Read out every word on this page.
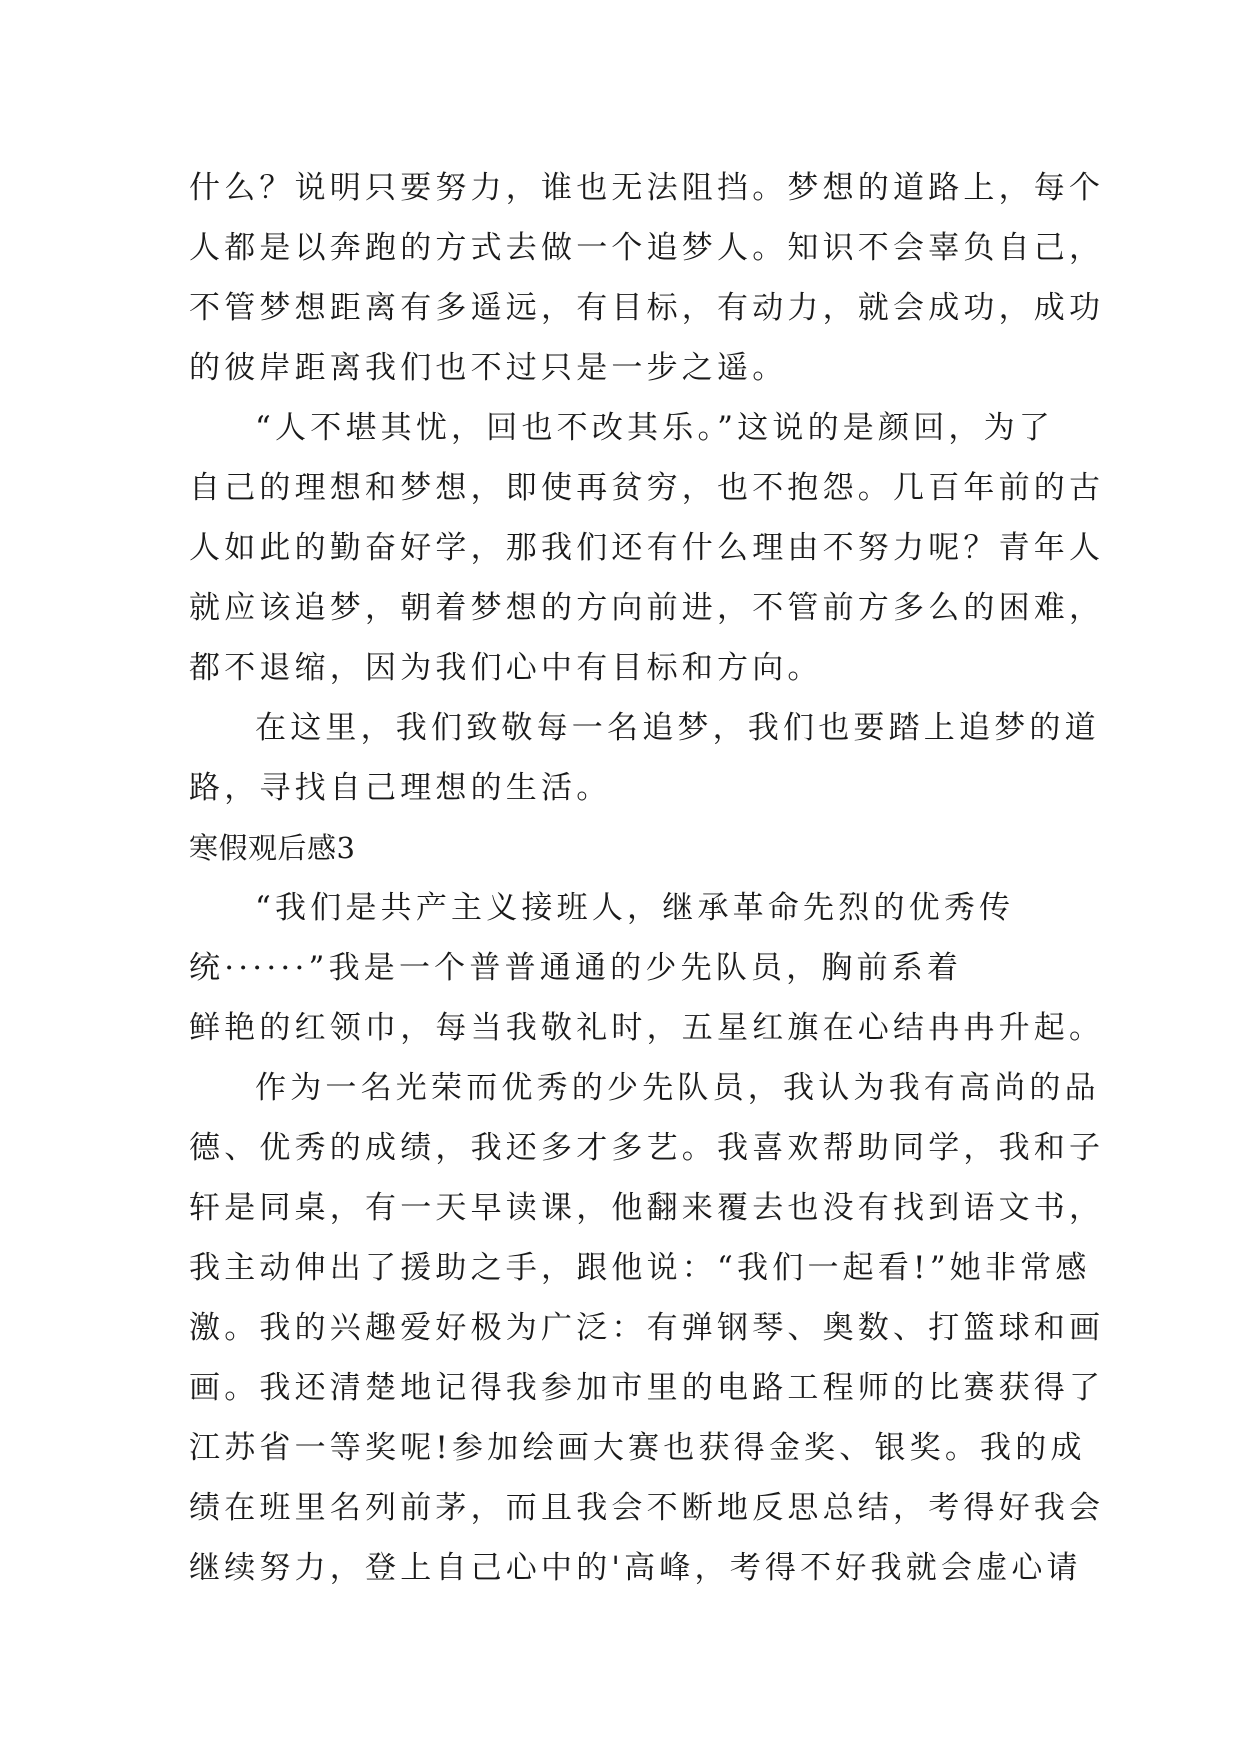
什么？说明只要努力，谁也无法阻挡。梦想的道路上，每个
人都是以奔跑的方式去做一个追梦人。知识不会辜负自己，
不管梦想距离有多遥远，有目标，有动力，就会成功，成功
的彼岸距离我们也不过只是一步之遥。
“人不堪其忧，回也不改其乐。”这说的是颜回，为了
自己的理想和梦想，即使再贫穷，也不抱怨。几百年前的古
人如此的勤奋好学，那我们还有什么理由不努力呢？青年人
就应该追梦，朝着梦想的方向前进，不管前方多么的困难，
都不退缩，因为我们心中有目标和方向。
在这里，我们致敬每一名追梦，我们也要踏上追梦的道
路，寻找自己理想的生活。
寒假观后感3
“我们是共产主义接班人，继承革命先烈的优秀传
统······”我是一个普普通通的少先队员，胸前系着
鲜艳的红领巾，每当我敬礼时，五星红旗在心结冉冉升起。
作为一名光荣而优秀的少先队员，我认为我有高尚的品
德、优秀的成绩，我还多才多艺。我喜欢帮助同学，我和子
轩是同桌，有一天早读课，他翻来覆去也没有找到语文书，
我主动伸出了援助之手，跟他说：“我们一起看!”她非常感
激。我的兴趣爱好极为广泛：有弹钢琴、奥数、打篮球和画
画。我还清楚地记得我参加市里的电路工程师的比赛获得了
江苏省一等奖呢!参加绘画大赛也获得金奖、银奖。我的成
绩在班里名列前茅，而且我会不断地反思总结，考得好我会
继续努力，登上自己心中的'高峰，考得不好我就会虚心请
